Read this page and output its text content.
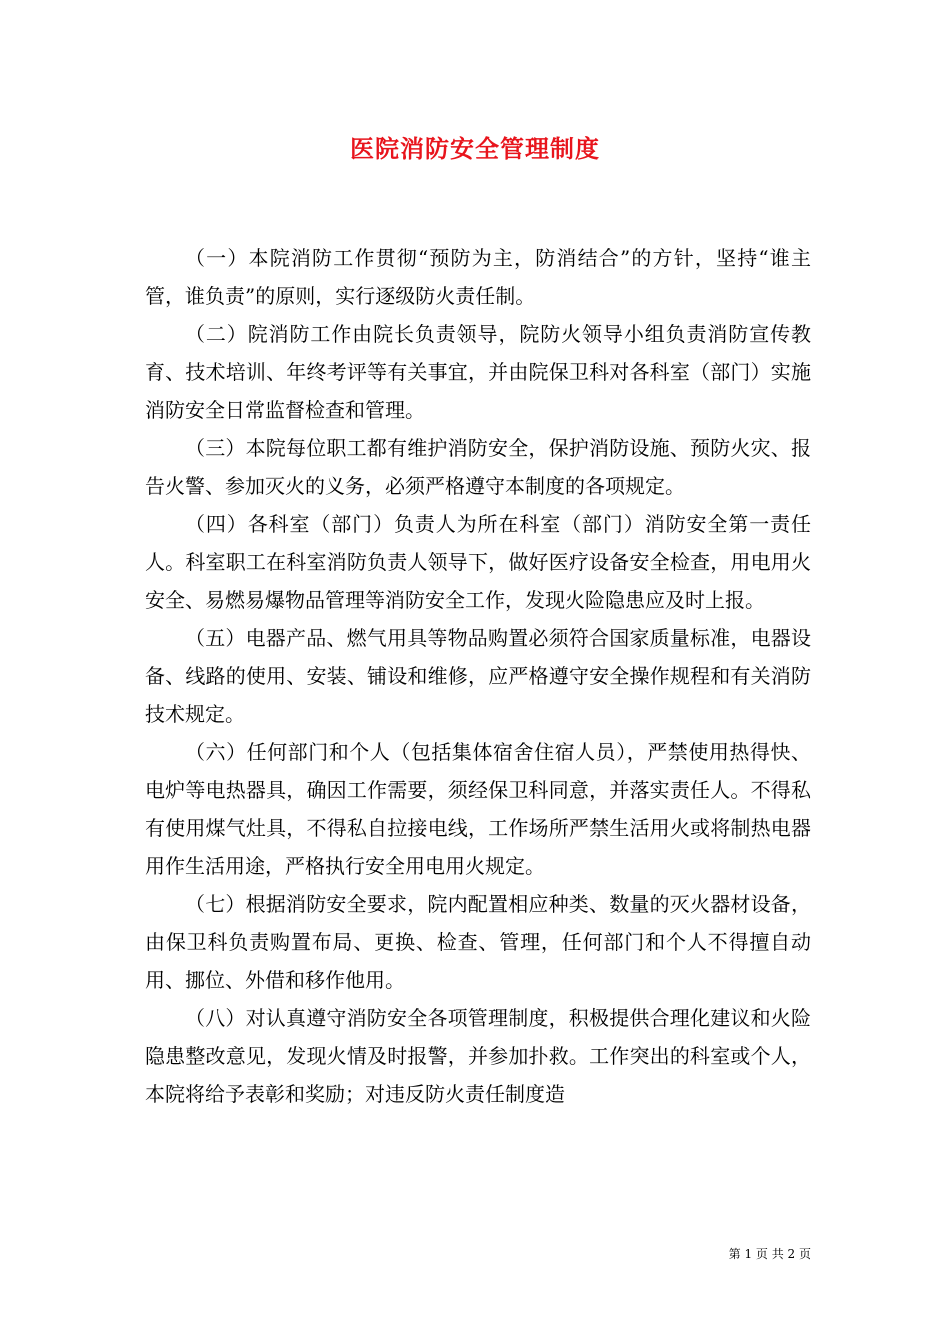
医院消防安全管理制度

（一）本院消防工作贯彻“预防为主，防消结合”的方针，坚持“谁主管，谁负责”的原则，实行逐级防火责任制。

（二）院消防工作由院长负责领导，院防火领导小组负责消防宣传教育、技术培训、年终考评等有关事宜，并由院保卫科对各科室（部门）实施消防安全日常监督检查和管理。

（三）本院每位职工都有维护消防安全，保护消防设施、预防火灾、报告火警、参加灭火的义务，必须严格遵守本制度的各项规定。

（四）各科室（部门）负责人为所在科室（部门）消防安全第一责任人。科室职工在科室消防负责人领导下，做好医疗设备安全检查，用电用火安全、易燃易爆物品管理等消防安全工作，发现火险隐患应及时上报。

（五）电器产品、燃气用具等物品购置必须符合国家质量标准，电器设备、线路的使用、安装、铺设和维修，应严格遵守安全操作规程和有关消防技术规定。

（六）任何部门和个人（包括集体宿舍住宿人员），严禁使用热得快、电炉等电热器具，确因工作需要，须经保卫科同意，并落实责任人。不得私有使用煤气灶具，不得私自拉接电线，工作场所严禁生活用火或将制热电器用作生活用途，严格执行安全用电用火规定。

（七）根据消防安全要求，院内配置相应种类、数量的灭火器材设备，由保卫科负责购置布局、更换、检查、管理，任何部门和个人不得擅自动用、挪位、外借和移作他用。

（八）对认真遵守消防安全各项管理制度，积极提供合理化建议和火险隐患整改意见，发现火情及时报警，并参加扑救。工作突出的科室或个人，本院将给予表彰和奖励；对违反防火责任制度造

第 1 页 共 2 页
